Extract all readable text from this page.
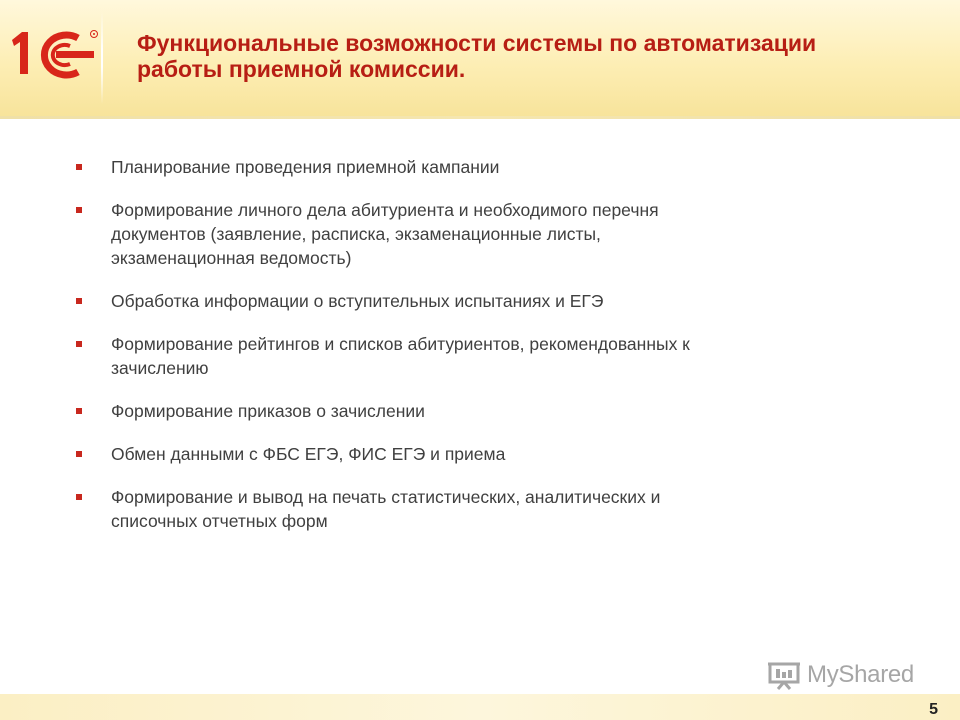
Функциональные возможности системы по автоматизации
работы приемной комиссии.
Планирование проведения приемной кампании
Формирование личного дела абитуриента и необходимого перечня
документов (заявление, расписка, экзаменационные листы,
экзаменационная ведомость)
Обработка информации о вступительных испытаниях и ЕГЭ
Формирование рейтингов и списков абитуриентов, рекомендованных к
зачислению
Формирование приказов о зачислении
Обмен данными с ФБС ЕГЭ, ФИС ЕГЭ и приема
Формирование и вывод на печать статистических, аналитических и
списочных отчетных форм
MyShared
5
